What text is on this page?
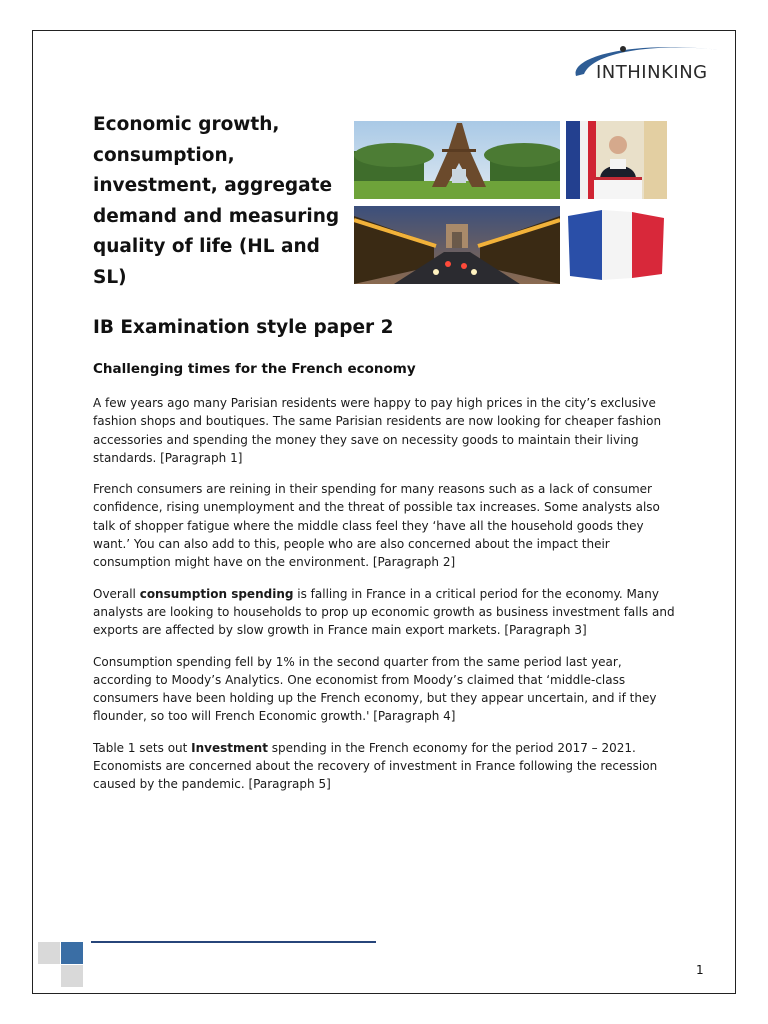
INTHINKING
Economic growth, consumption, investment, aggregate demand and measuring quality of life (HL and SL)
IB Examination style paper 2
Challenging times for the French economy

A few years ago many Parisian residents were happy to pay high prices in the city’s exclusive fashion shops and boutiques. The same Parisian residents are now looking for cheaper fashion accessories and spending the money they save on necessity goods to maintain their living standards. [Paragraph 1]

French consumers are reining in their spending for many reasons such as a lack of consumer confidence, rising unemployment and the threat of possible tax increases. Some analysts also talk of shopper fatigue where the middle class feel they ‘have all the household goods they want.’ You can also add to this, people who are also concerned about the impact their consumption might have on the environment. [Paragraph 2]

Overall consumption spending is falling in France in a critical period for the economy. Many analysts are looking to households to prop up economic growth as business investment falls and exports are affected by slow growth in France main export markets. [Paragraph 3]

Consumption spending fell by 1% in the second quarter from the same period last year, according to Moody’s Analytics. One economist from Moody’s claimed that ‘middle-class consumers have been holding up the French economy, but they appear uncertain, and if they flounder, so too will French Economic growth.' [Paragraph 4]

Table 1 sets out Investment spending in the French economy for the period 2017 – 2021. Economists are concerned about the recovery of investment in France following the recession caused by the pandemic. [Paragraph 5]

1
